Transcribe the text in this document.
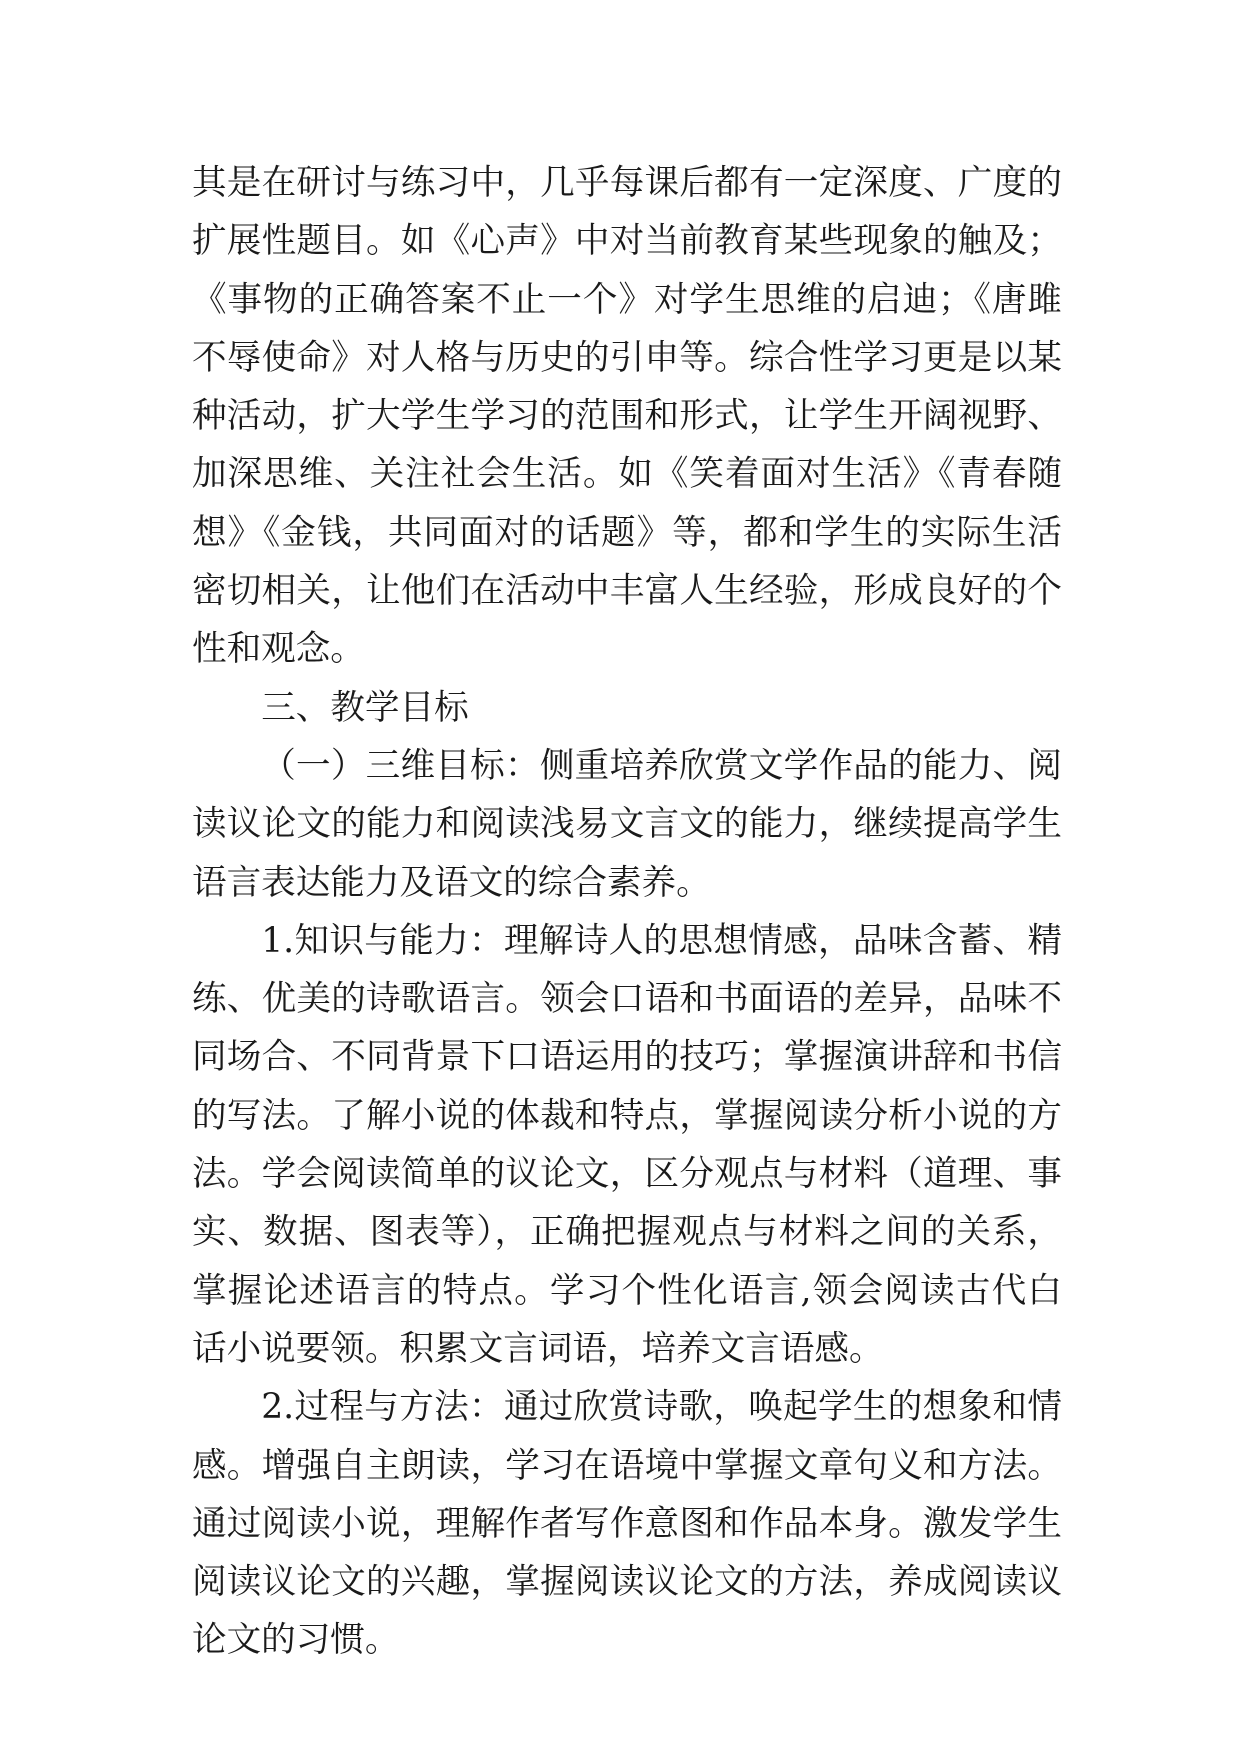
其是在研讨与练习中，几乎每课后都有一定深度、广度的扩展性题目。如《心声》中对当前教育某些现象的触及；《事物的正确答案不止一个》对学生思维的启迪；《唐雎不辱使命》对人格与历史的引申等。综合性学习更是以某种活动，扩大学生学习的范围和形式，让学生开阔视野、加深思维、关注社会生活。如《笑着面对生活》《青春随想》《金钱，共同面对的话题》等，都和学生的实际生活密切相关，让他们在活动中丰富人生经验，形成良好的个性和观念。

三、教学目标

（一）三维目标：侧重培养欣赏文学作品的能力、阅读议论文的能力和阅读浅易文言文的能力，继续提高学生语言表达能力及语文的综合素养。

1.知识与能力：理解诗人的思想情感，品味含蓄、精练、优美的诗歌语言。领会口语和书面语的差异，品味不同场合、不同背景下口语运用的技巧；掌握演讲辞和书信的写法。了解小说的体裁和特点，掌握阅读分析小说的方法。学会阅读简单的议论文，区分观点与材料（道理、事实、数据、图表等），正确把握观点与材料之间的关系，掌握论述语言的特点。学习个性化语言,领会阅读古代白话小说要领。积累文言词语，培养文言语感。

2.过程与方法：通过欣赏诗歌，唤起学生的想象和情感。增强自主朗读，学习在语境中掌握文章句义和方法。通过阅读小说，理解作者写作意图和作品本身。激发学生阅读议论文的兴趣，掌握阅读议论文的方法，养成阅读议论文的习惯。
